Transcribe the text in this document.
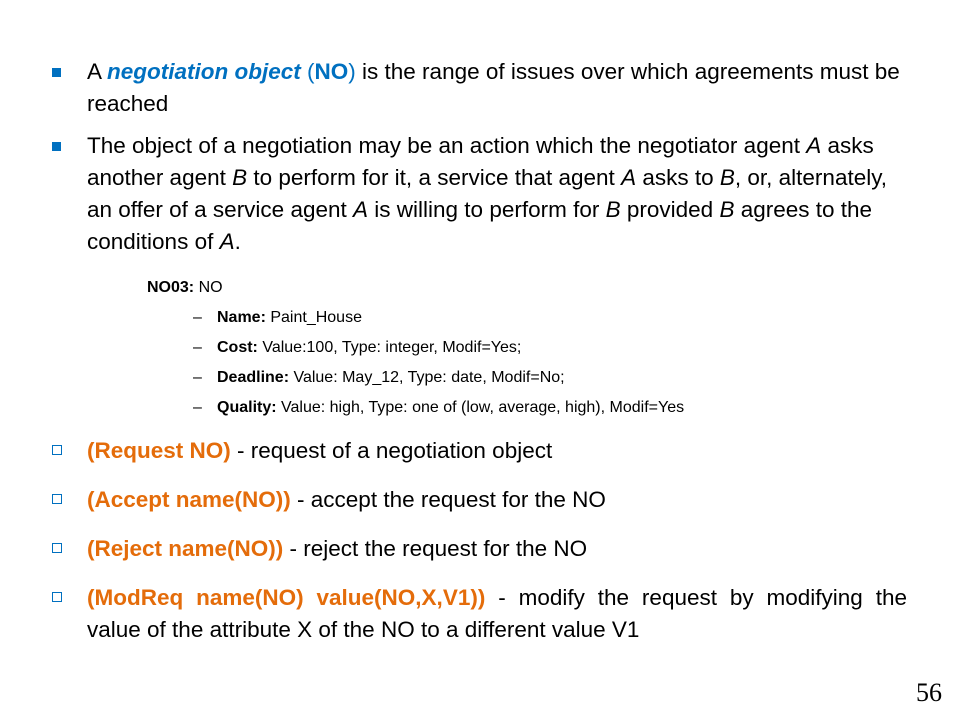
A negotiation object (NO) is the range of issues over which agreements must be reached
The object of a negotiation may be an action which the negotiator agent A asks another agent B to perform for it, a service that agent A asks to B, or, alternately, an offer of a service agent A is willing to perform for B provided B agrees to the conditions of A.
NO03: NO
– Name: Paint_House
– Cost: Value:100, Type: integer, Modif=Yes;
– Deadline: Value: May_12, Type: date, Modif=No;
– Quality: Value: high, Type: one of (low, average, high), Modif=Yes
(Request NO) - request of a negotiation object
(Accept name(NO)) - accept the request for the NO
(Reject name(NO)) - reject the request for the NO
(ModReq name(NO) value(NO,X,V1)) - modify the request by modifying the value of the attribute X of the NO to a different value V1
56
